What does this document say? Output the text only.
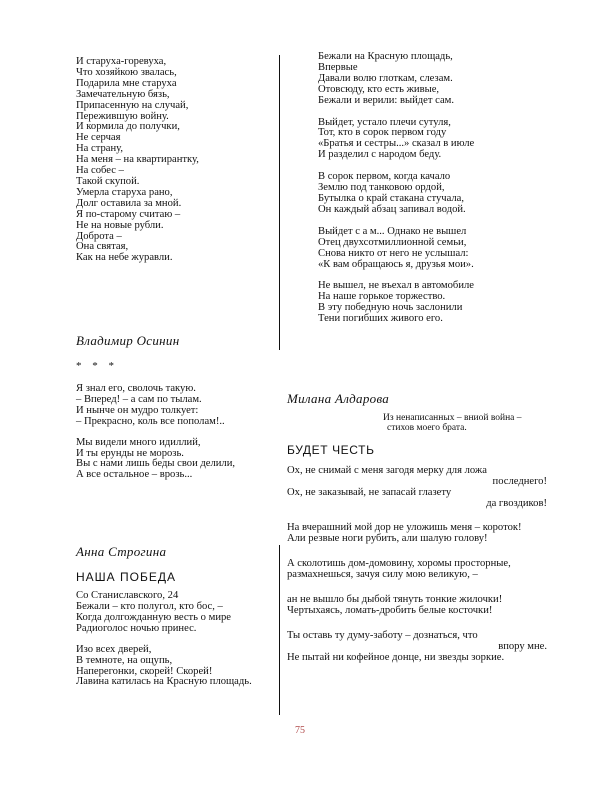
И старуха-горевуха,

Что хозяйкою звалась,

Подарила мне старуха

Замечательную бязь,

Припасенную на случай,

Пережившую войну.

И кормила до получки,

Не серчая

На страну,

На меня – на квартирантку,

На собес –

Такой скупой.

Умерла старуха рано,

Долг оставила за мной.

Я по-старому считаю –

Не на новые рубли.

Доброта –

Она святая,

Как на небе журавли.

Владимир Осинин

* * *

Я знал его, сволочь такую.

– Вперед! – а сам по тылам.

И нынче он мудро толкует:

– Прекрасно, коль все пополам!..

Мы видели много идиллий,

И ты ерунды не морозь.

Вы с нами лишь беды свои делили,

А все остальное – врозь...

Анна Строгина

НАША ПОБЕДА

Со Станиславского, 24

Бежали – кто полугол, кто бос, –

Когда долгожданную весть о мире

Радиоголос ночью принес.

Изо всех дверей,

В темноте, на ощупь,

Наперегонки, скорей! Скорей!

Лавина катилась на Красную площадь.

Бежали на Красную площадь,

Впервые

Давали волю глоткам, слезам.

Отовсюду, кто есть живые,

Бежали и верили: выйдет сам.

Выйдет, устало плечи сутуля,

Тот, кто в сорок первом году

«Братья и сестры...» сказал в июле

И разделил с народом беду.

В сорок первом, когда качало

Землю под танковою ордой,

Бутылка о край стакана стучала,

Он каждый абзац запивал водой.

Выйдет с а м... Однако не вышел

Отец двухсотмиллионной семьи,

Снова никто от него не услышал:

«К вам обращаюсь я, друзья мои».

Не вышел, не въехал в автомобиле

На наше горькое торжество.

В эту победную ночь заслонили

Тени погибших живого его.

Милана Алдарова

Из ненаписанных – вниой война –

стихов моего брата.

БУДЕТ ЧЕСТЬ

Ох, не снимай с меня загодя мерку для ложа

последнего!

Ох, не заказывай, не запасай глазету

да гвоздиков!

На вчерашний мой дор не уложишь меня – короток!

Али резвые ноги рубить, али шалую голову!

А сколотишь дом-домовину, хоромы просторные,

размахнешься, зачуя силу мою великую, –

ан не вышло бы дыбой тянуть тонкие жилочки!

Чертыхаясь, ломать-дробить белые косточки!

Ты оставь ту думу-заботу – дознаться, что

впору мне.

Не пытай ни кофейное донце, ни звезды зоркие.

75
